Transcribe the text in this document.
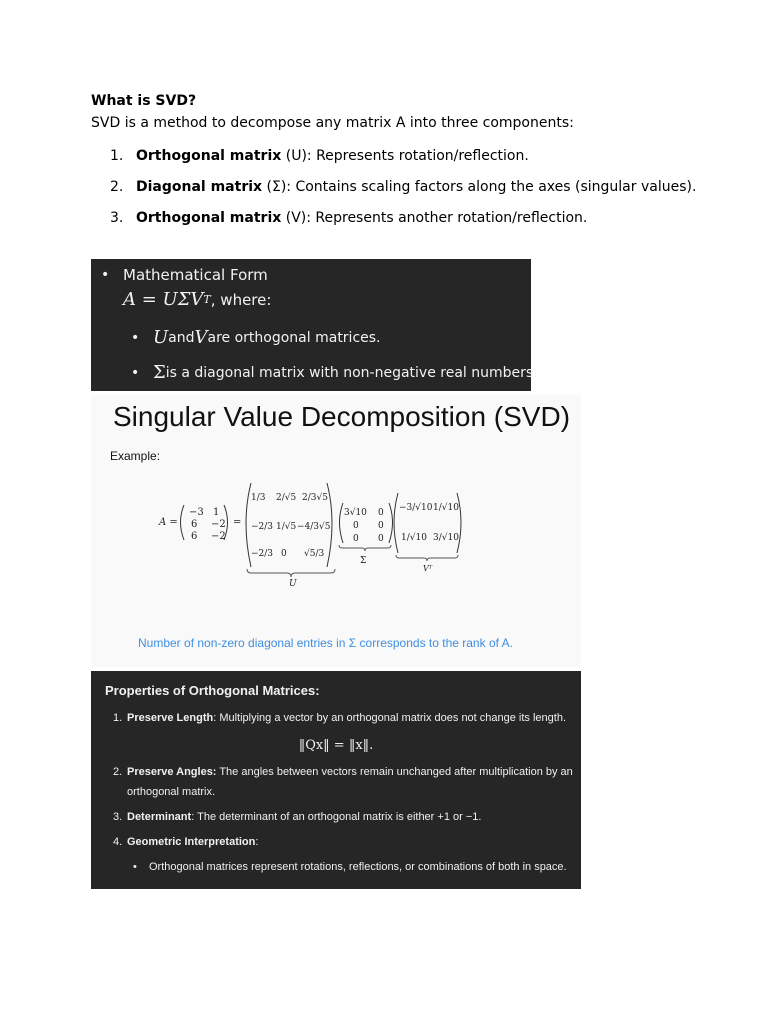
What is SVD?
SVD is a method to decompose any matrix A into three components:
1. Orthogonal matrix (U): Represents rotation/reflection.
2. Diagonal matrix (Σ): Contains scaling factors along the axes (singular values).
3. Orthogonal matrix (V): Represents another rotation/reflection.
• Mathematical Form
A = UΣV T , where:
• U and V are orthogonal matrices.
• Σ is a diagonal matrix with non-negative real numbers.
Singular Value Decomposition (SVD)
Example:
A =
−3 1
6 −2
6 −2
=
1/3 2/√5 2/3√5
−2/3 1/√5 −4/3√5
−2/3 0 √5/3
U
3√10 0
0 0
0 0
Σ
−3/√10 1/√10
1/√10 3/√10
Vᵀ
Number of non-zero diagonal entries in Σ corresponds to the rank of A.
Properties of Orthogonal Matrices:
1. Preserve Length: Multiplying a vector by an orthogonal matrix does not change its length.
‖Qx‖ = ‖x‖.
2. Preserve Angles: The angles between vectors remain unchanged after multiplication by an
orthogonal matrix.
3. Determinant: The determinant of an orthogonal matrix is either +1 or −1.
4. Geometric Interpretation:
•	Orthogonal matrices represent rotations, reflections, or combinations of both in space.
